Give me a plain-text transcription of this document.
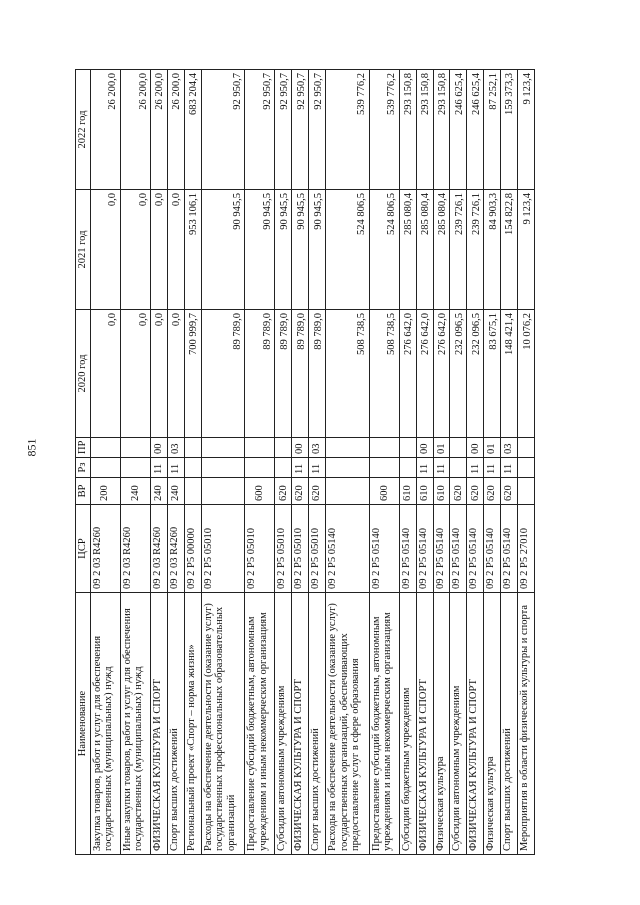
851
Наименование	ЦСР	ВР	Рз	ПР	2020 год	2021 год	2022 год
Закупка товаров, работ и услуг для обеспечения государственных (муниципальных) нужд	09 2 03 R4260	200			0,0	0,0	26 200,0
Иные закупки товаров, работ и услуг для обеспечения государственных (муниципальных) нужд	09 2 03 R4260	240			0,0	0,0	26 200,0
ФИЗИЧЕСКАЯ КУЛЬТУРА И СПОРТ	09 2 03 R4260	240	11	00	0,0	0,0	26 200,0
Спорт высших достижений	09 2 03 R4260	240	11	03	0,0	0,0	26 200,0
Региональный проект «Спорт – норма жизни»	09 2 P5 00000				700 999,7	953 106,1	683 204,4
Расходы на обеспечение деятельности (оказание услуг) государственных профессиональных образовательных организаций	09 2 P5 05010				89 789,0	90 945,5	92 950,7
Предоставление субсидий бюджетным, автономным учреждениям и иным некоммерческим организациям	09 2 P5 05010	600			89 789,0	90 945,5	92 950,7
Субсидии автономным учреждениям	09 2 P5 05010	620			89 789,0	90 945,5	92 950,7
ФИЗИЧЕСКАЯ КУЛЬТУРА И СПОРТ	09 2 P5 05010	620	11	00	89 789,0	90 945,5	92 950,7
Спорт высших достижений	09 2 P5 05010	620	11	03	89 789,0	90 945,5	92 950,7
Расходы на обеспечение деятельности (оказание услуг) государственных организаций, обеспечивающих предоставление услуг в сфере образования	09 2 P5 05140				508 738,5	524 806,5	539 776,2
Предоставление субсидий бюджетным, автономным учреждениям и иным некоммерческим организациям	09 2 P5 05140	600			508 738,5	524 806,5	539 776,2
Субсидии бюджетным учреждениям	09 2 P5 05140	610			276 642,0	285 080,4	293 150,8
ФИЗИЧЕСКАЯ КУЛЬТУРА И СПОРТ	09 2 P5 05140	610	11	00	276 642,0	285 080,4	293 150,8
Физическая культура	09 2 P5 05140	610	11	01	276 642,0	285 080,4	293 150,8
Субсидии автономным учреждениям	09 2 P5 05140	620			232 096,5	239 726,1	246 625,4
ФИЗИЧЕСКАЯ КУЛЬТУРА И СПОРТ	09 2 P5 05140	620	11	00	232 096,5	239 726,1	246 625,4
Физическая культура	09 2 P5 05140	620	11	01	83 675,1	84 903,3	87 252,1
Спорт высших достижений	09 2 P5 05140	620	11	03	148 421,4	154 822,8	159 373,3
Мероприятия в области физической культуры и спорта	09 2 P5 27010				10 076,2	9 123,4	9 123,4
